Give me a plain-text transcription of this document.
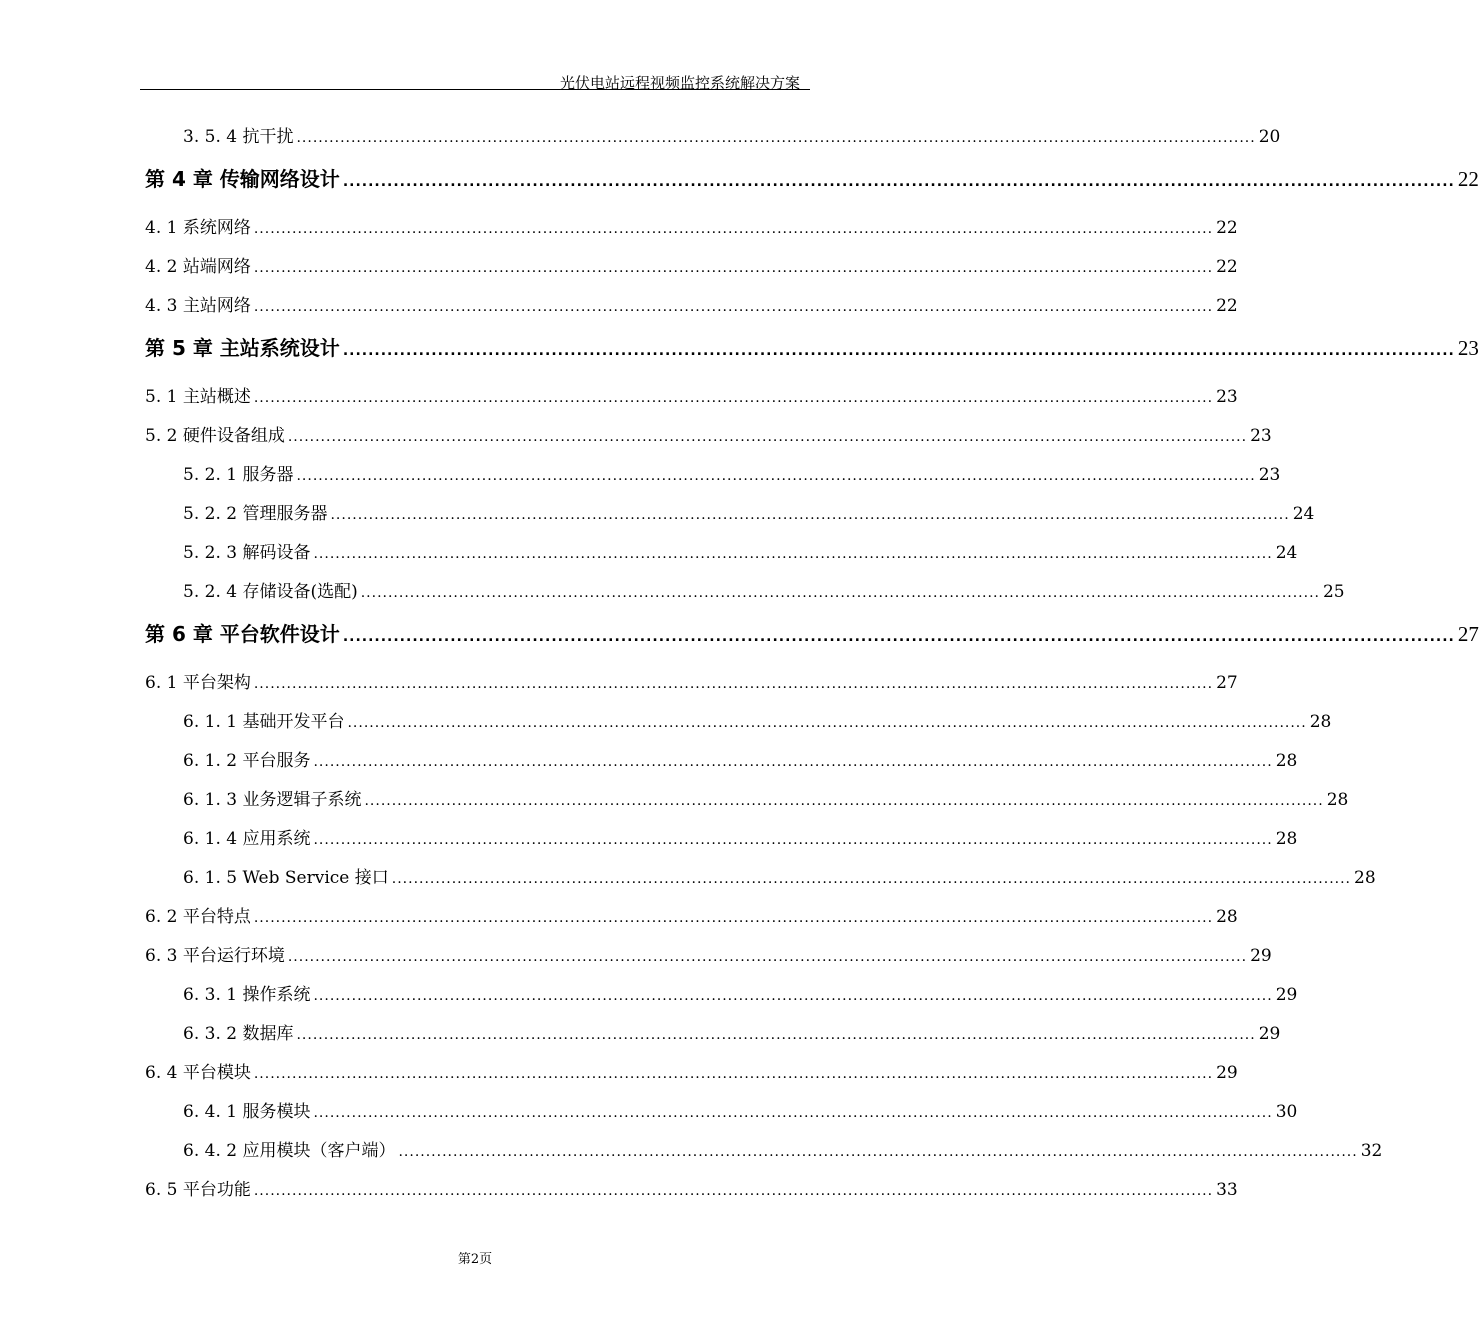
光伏电站远程视频监控系统解决方案
3. 5. 4 抗干扰 ................................................................................................................................................................................ 20
第 4 章 传输网络设计 ................................................................................................................................................................................ 22
4. 1 系统网络 ................................................................................................................................................................................ 22
4. 2 站端网络 ................................................................................................................................................................................ 22
4. 3 主站网络 ................................................................................................................................................................................ 22
第 5 章 主站系统设计 ................................................................................................................................................................................ 23
5. 1 主站概述 ................................................................................................................................................................................ 23
5. 2 硬件设备组成 ................................................................................................................................................................................ 23
5. 2. 1 服务器 ................................................................................................................................................................................ 23
5. 2. 2 管理服务器 ................................................................................................................................................................................ 24
5. 2. 3 解码设备 ................................................................................................................................................................................ 24
5. 2. 4 存储设备(选配) ................................................................................................................................................................................ 25
第 6 章 平台软件设计 ................................................................................................................................................................................ 27
6. 1 平台架构 ................................................................................................................................................................................ 27
6. 1. 1 基础开发平台 ................................................................................................................................................................................ 28
6. 1. 2 平台服务 ................................................................................................................................................................................ 28
6. 1. 3 业务逻辑子系统 ................................................................................................................................................................................ 28
6. 1. 4 应用系统 ................................................................................................................................................................................ 28
6. 1. 5 Web Service 接口 ................................................................................................................................................................................ 28
6. 2 平台特点 ................................................................................................................................................................................ 28
6. 3 平台运行环境 ................................................................................................................................................................................ 29
6. 3. 1 操作系统 ................................................................................................................................................................................ 29
6. 3. 2 数据库 ................................................................................................................................................................................ 29
6. 4 平台模块 ................................................................................................................................................................................ 29
6. 4. 1 服务模块 ................................................................................................................................................................................ 30
6. 4. 2 应用模块（客户端） ................................................................................................................................................................................ 32
6. 5 平台功能 ................................................................................................................................................................................ 33
第2页
